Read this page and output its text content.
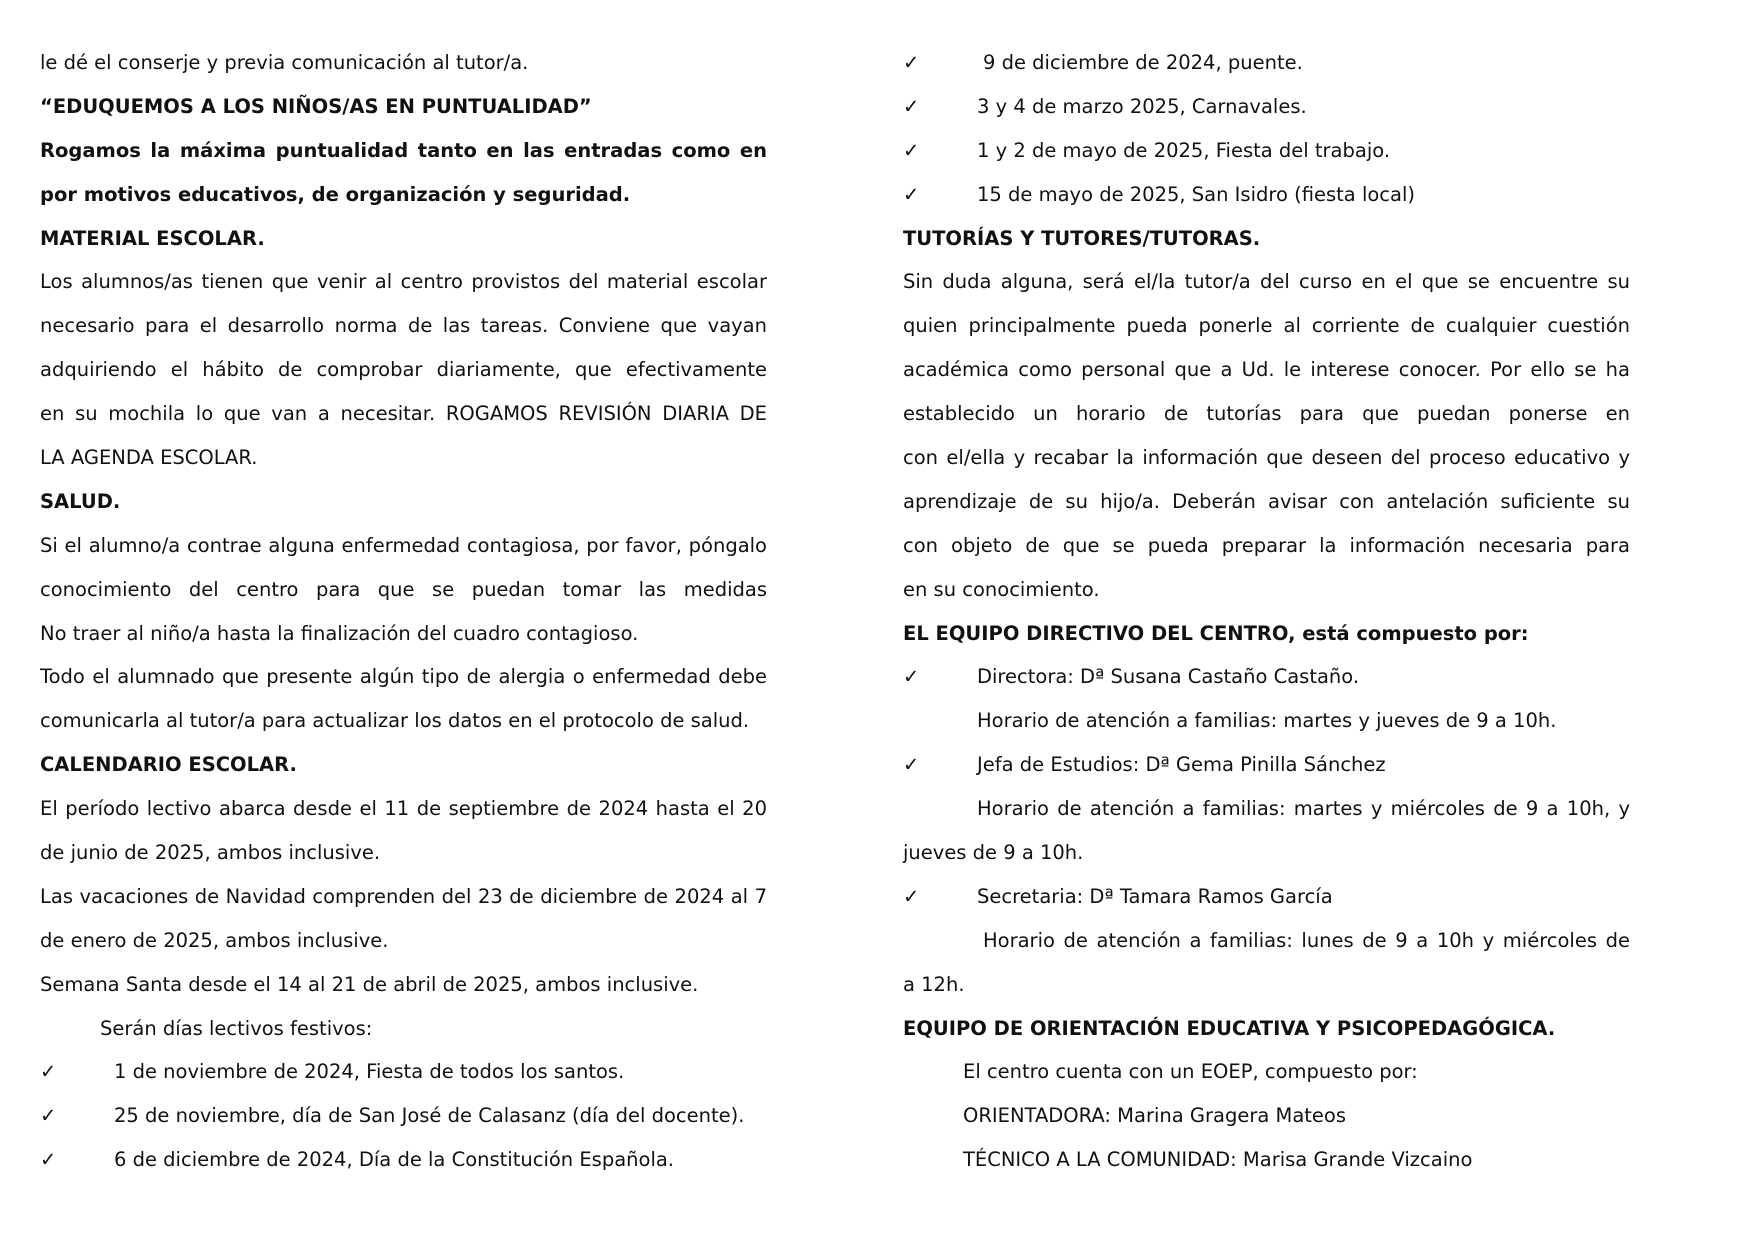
le dé el conserje y previa comunicación al tutor/a.
“EDUQUEMOS A LOS NIÑOS/AS EN PUNTUALIDAD”
Rogamos la máxima puntualidad tanto en las entradas como en
por motivos educativos, de organización y seguridad.
MATERIAL ESCOLAR.
Los alumnos/as tienen que venir al centro provistos del material escolar
necesario para el desarrollo norma de las tareas. Conviene que vayan
adquiriendo el hábito de comprobar diariamente, que efectivamente
en su mochila lo que van a necesitar. ROGAMOS REVISIÓN DIARIA DE
LA AGENDA ESCOLAR.
SALUD.
Si el alumno/a contrae alguna enfermedad contagiosa, por favor, póngalo
conocimiento del centro para que se puedan tomar las medidas
No traer al niño/a hasta la finalización del cuadro contagioso.
Todo el alumnado que presente algún tipo de alergia o enfermedad debe
comunicarla al tutor/a para actualizar los datos en el protocolo de salud.
CALENDARIO ESCOLAR.
El período lectivo abarca desde el 11 de septiembre de 2024 hasta el 20
de junio de 2025, ambos inclusive.
Las vacaciones de Navidad comprenden del 23 de diciembre de 2024 al 7
de enero de 2025, ambos inclusive.
Semana Santa desde el 14 al 21 de abril de 2025, ambos inclusive.
Serán días lectivos festivos:
✓	1 de noviembre de 2024, Fiesta de todos los santos.
✓	25 de noviembre, día de San José de Calasanz (día del docente).
✓	6 de diciembre de 2024, Día de la Constitución Española.
✓	9 de diciembre de 2024, puente.
✓	3 y 4 de marzo 2025, Carnavales.
✓	1 y 2 de mayo de 2025, Fiesta del trabajo.
✓	15 de mayo de 2025, San Isidro (fiesta local)
TUTORÍAS Y TUTORES/TUTORAS.
Sin duda alguna, será el/la tutor/a del curso en el que se encuentre su
quien principalmente pueda ponerle al corriente de cualquier cuestión
académica como personal que a Ud. le interese conocer. Por ello se ha
establecido un horario de tutorías para que puedan ponerse en
con el/ella y recabar la información que deseen del proceso educativo y
aprendizaje de su hijo/a. Deberán avisar con antelación suficiente su
con objeto de que se pueda preparar la información necesaria para
en su conocimiento.
EL EQUIPO DIRECTIVO DEL CENTRO, está compuesto por:
✓	Directora: Dª Susana Castaño Castaño.
Horario de atención a familias: martes y jueves de 9 a 10h.
✓	Jefa de Estudios: Dª Gema Pinilla Sánchez
Horario de atención a familias: martes y miércoles de 9 a 10h, y
jueves de 9 a 10h.
✓	Secretaria: Dª Tamara Ramos García
Horario de atención a familias: lunes de 9 a 10h y miércoles de
a 12h.
EQUIPO DE ORIENTACIÓN EDUCATIVA Y PSICOPEDAGÓGICA.
El centro cuenta con un EOEP, compuesto por:
ORIENTADORA: Marina Gragera Mateos
TÉCNICO A LA COMUNIDAD: Marisa Grande Vizcaino
